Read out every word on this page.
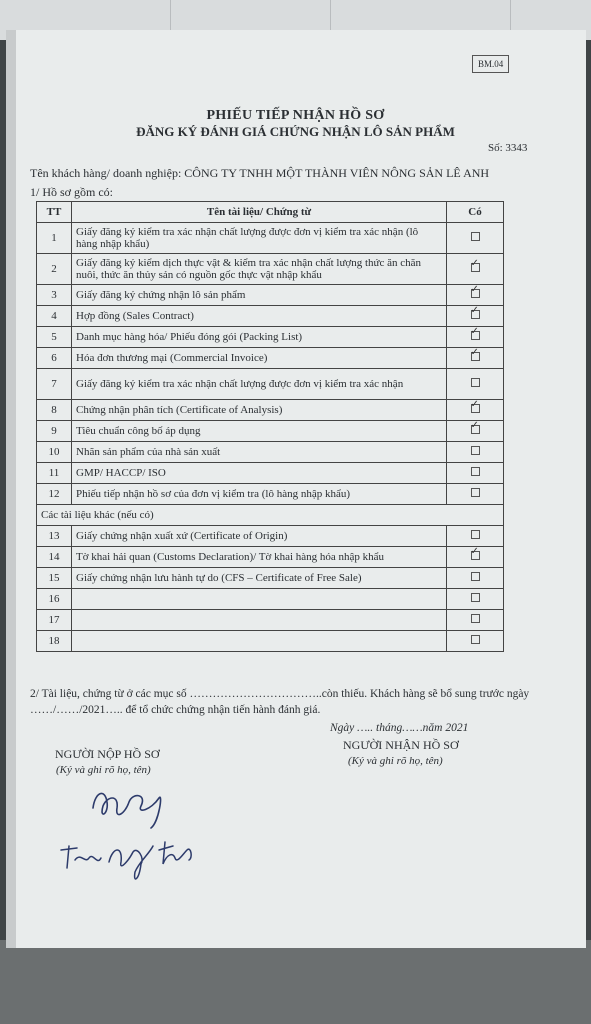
BM.04
PHIẾU TIẾP NHẬN HỒ SƠ
ĐĂNG KÝ ĐÁNH GIÁ CHỨNG NHẬN LÔ SẢN PHẨM
Số: 3343
Tên khách hàng/ doanh nghiệp: CÔNG TY TNHH MỘT THÀNH VIÊN NÔNG SẢN LÊ ANH
1/ Hồ sơ gồm có:
TT	Tên tài liệu/ Chứng từ	Có
1	Giấy đăng ký kiểm tra xác nhận chất lượng được đơn vị kiểm tra xác nhận (lô hàng nhập khẩu)	
2	Giấy đăng ký kiểm dịch thực vật & kiểm tra xác nhận chất lượng thức ăn chăn nuôi, thức ăn thủy sản có nguồn gốc thực vật nhập khẩu	✓
3	Giấy đăng ký chứng nhận lô sản phẩm	✓
4	Hợp đồng (Sales Contract)	✓
5	Danh mục hàng hóa/ Phiếu đóng gói (Packing List)	✓
6	Hóa đơn thương mại (Commercial Invoice)	✓
7	Giấy đăng ký kiểm tra xác nhận chất lượng được đơn vị kiểm tra xác nhận	
8	Chứng nhận phân tích (Certificate of Analysis)	✓
9	Tiêu chuẩn công bố áp dụng	✓
10	Nhãn sản phẩm của nhà sản xuất	
11	GMP/ HACCP/ ISO	
12	Phiếu tiếp nhận hồ sơ của đơn vị kiểm tra (lô hàng nhập khẩu)	
Các tài liệu khác (nếu có)		
13	Giấy chứng nhận xuất xứ (Certificate of Origin)	
14	Tờ khai hải quan (Customs Declaration)/ Tờ khai hàng hóa nhập khẩu	✓
15	Giấy chứng nhận lưu hành tự do (CFS – Certificate of Free Sale)	
16		
17		
18		
2/ Tài liệu, chứng từ ở các mục số ……………………………..còn thiếu. Khách hàng sẽ bổ sung trước ngày ……/……/2021….. để tổ chức chứng nhận tiến hành đánh giá.
Ngày ….. tháng……năm 2021
NGƯỜI NỘP HỒ SƠ
(Ký và ghi rõ họ, tên)
NGƯỜI NHẬN HỒ SƠ
(Ký và ghi rõ họ, tên)
